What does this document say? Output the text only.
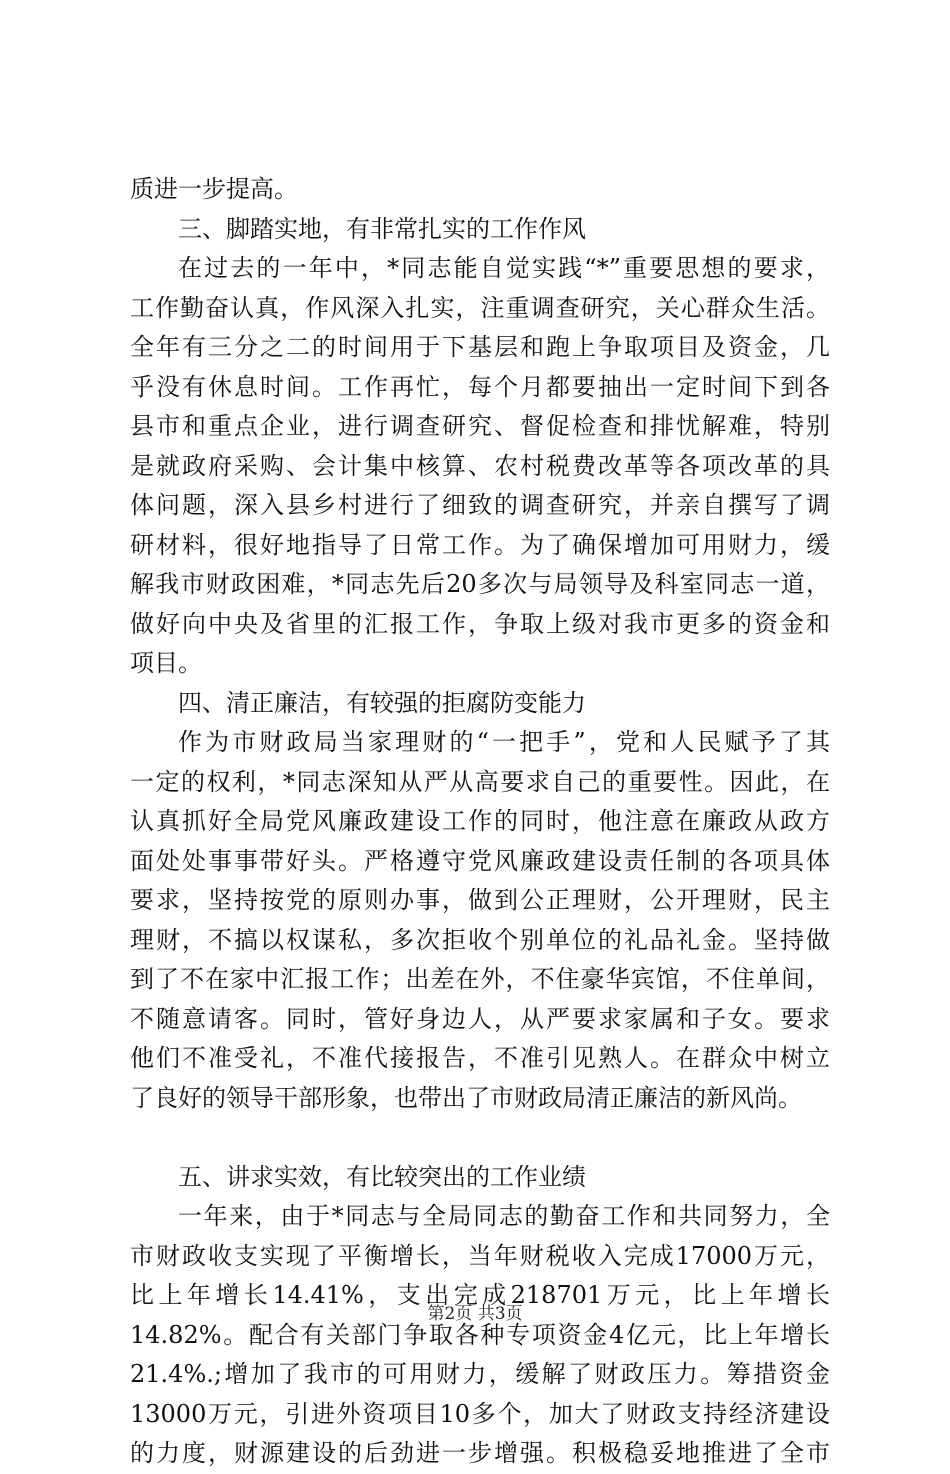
质进一步提高。
三、脚踏实地，有非常扎实的工作作风
在过去的一年中，*同志能自觉实践“*”重要思想的要求，
工作勤奋认真，作风深入扎实，注重调查研究，关心群众生活。
全年有三分之二的时间用于下基层和跑上争取项目及资金，几
乎没有休息时间。工作再忙，每个月都要抽出一定时间下到各
县市和重点企业，进行调查研究、督促检查和排忧解难，特别
是就政府采购、会计集中核算、农村税费改革等各项改革的具
体问题，深入县乡村进行了细致的调查研究，并亲自撰写了调
研材料，很好地指导了日常工作。为了确保增加可用财力，缓
解我市财政困难，*同志先后20多次与局领导及科室同志一道，
做好向中央及省里的汇报工作，争取上级对我市更多的资金和
项目。
四、清正廉洁，有较强的拒腐防变能力
作为市财政局当家理财的“一把手”，党和人民赋予了其
一定的权利，*同志深知从严从高要求自己的重要性。因此，在
认真抓好全局党风廉政建设工作的同时，他注意在廉政从政方
面处处事事带好头。严格遵守党风廉政建设责任制的各项具体
要求，坚持按党的原则办事，做到公正理财，公开理财，民主
理财，不搞以权谋私，多次拒收个别单位的礼品礼金。坚持做
到了不在家中汇报工作；出差在外，不住豪华宾馆，不住单间，
不随意请客。同时，管好身边人，从严要求家属和子女。要求
他们不准受礼，不准代接报告，不准引见熟人。在群众中树立
了良好的领导干部形象，也带出了市财政局清正廉洁的新风尚。
五、讲求实效，有比较突出的工作业绩
一年来，由于*同志与全局同志的勤奋工作和共同努力，全
市财政收支实现了平衡增长，当年财税收入完成17000万元，
比上年增长14.41%，支出完成218701万元，比上年增长
14.82%。配合有关部门争取各种专项资金4亿元，比上年增长
21.4%.;增加了我市的可用财力，缓解了财政压力。筹措资金
13000万元，引进外资项目10多个，加大了财政支持经济建设
的力度，财源建设的后劲进一步增强。积极稳妥地推进了全市
第2页 共3页
